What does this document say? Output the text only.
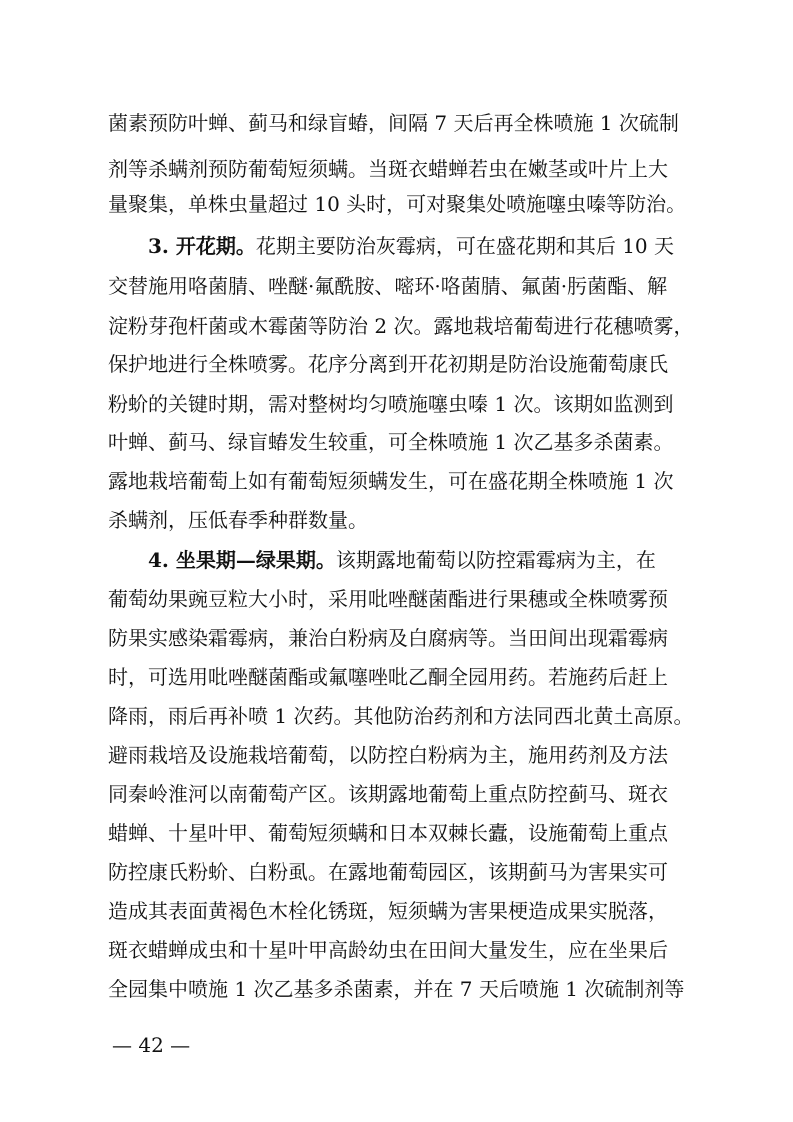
菌素预防叶蝉、蓟马和绿盲蝽，间隔 7 天后再全株喷施 1 次硫制
剂等杀螨剂预防葡萄短须螨。当斑衣蜡蝉若虫在嫩茎或叶片上大
量聚集，单株虫量超过 10 头时，可对聚集处喷施噻虫嗪等防治。
3. 开花期。花期主要防治灰霉病，可在盛花期和其后 10 天
交替施用咯菌腈、唑醚·氟酰胺、嘧环·咯菌腈、氟菌·肟菌酯、解
淀粉芽孢杆菌或木霉菌等防治 2 次。露地栽培葡萄进行花穗喷雾，
保护地进行全株喷雾。花序分离到开花初期是防治设施葡萄康氏
粉蚧的关键时期，需对整树均匀喷施噻虫嗪 1 次。该期如监测到
叶蝉、蓟马、绿盲蝽发生较重，可全株喷施 1 次乙基多杀菌素。
露地栽培葡萄上如有葡萄短须螨发生，可在盛花期全株喷施 1 次
杀螨剂，压低春季种群数量。
4. 坐果期—绿果期。该期露地葡萄以防控霜霉病为主，在
葡萄幼果豌豆粒大小时，采用吡唑醚菌酯进行果穗或全株喷雾预
防果实感染霜霉病，兼治白粉病及白腐病等。当田间出现霜霉病
时，可选用吡唑醚菌酯或氟噻唑吡乙酮全园用药。若施药后赶上
降雨，雨后再补喷 1 次药。其他防治药剂和方法同西北黄土高原。
避雨栽培及设施栽培葡萄，以防控白粉病为主，施用药剂及方法
同秦岭淮河以南葡萄产区。该期露地葡萄上重点防控蓟马、斑衣
蜡蝉、十星叶甲、葡萄短须螨和日本双棘长蠹，设施葡萄上重点
防控康氏粉蚧、白粉虱。在露地葡萄园区，该期蓟马为害果实可
造成其表面黄褐色木栓化锈斑，短须螨为害果梗造成果实脱落，
斑衣蜡蝉成虫和十星叶甲高龄幼虫在田间大量发生，应在坐果后
全园集中喷施 1 次乙基多杀菌素，并在 7 天后喷施 1 次硫制剂等
— 42 —
